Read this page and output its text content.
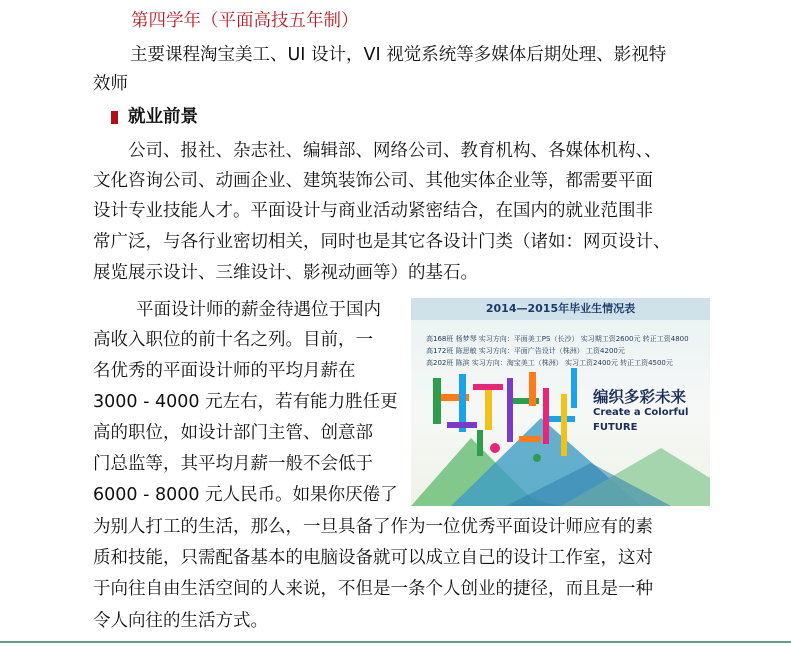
第四学年（平面高技五年制）
主要课程淘宝美工、UI 设计，VI 视觉系统等多媒体后期处理、影视特
效师
就业前景
公司、报社、杂志社、编辑部、网络公司、教育机构、各媒体机构、、
文化咨询公司、动画企业、建筑装饰公司、其他实体企业等，都需要平面
设计专业技能人才。平面设计与商业活动紧密结合，在国内的就业范围非
常广泛，与各行业密切相关，同时也是其它各设计门类（诸如：网页设计、
展览展示设计、三维设计、影视动画等）的基石。
平面设计师的薪金待遇位于国内
高收入职位的前十名之列。目前，一
名优秀的平面设计师的平均月薪在
3000 - 4000 元左右，若有能力胜任更
高的职位，如设计部门主管、创意部
门总监等，其平均月薪一般不会低于
6000 - 8000 元人民币。如果你厌倦了
为别人打工的生活，那么，一旦具备了作为一位优秀平面设计师应有的素
质和技能，只需配备基本的电脑设备就可以成立自己的设计工作室，这对
于向往自由生活空间的人来说，不但是一条个人创业的捷径，而且是一种
令人向往的生活方式。
2014—2015年毕业生情况表
高168班 杨梦琴 实习方向：平面美工PS（长沙） 实习期工资2600元 转正工资4800
高172班 陈思敏 实习方向：平面广告设计（株洲） 工资4200元
高202班 陈滨 实习方向：淘宝美工（株洲） 实习工资2400元 转正工资4500元
编织多彩未来
Create a Colorful
FUTURE
